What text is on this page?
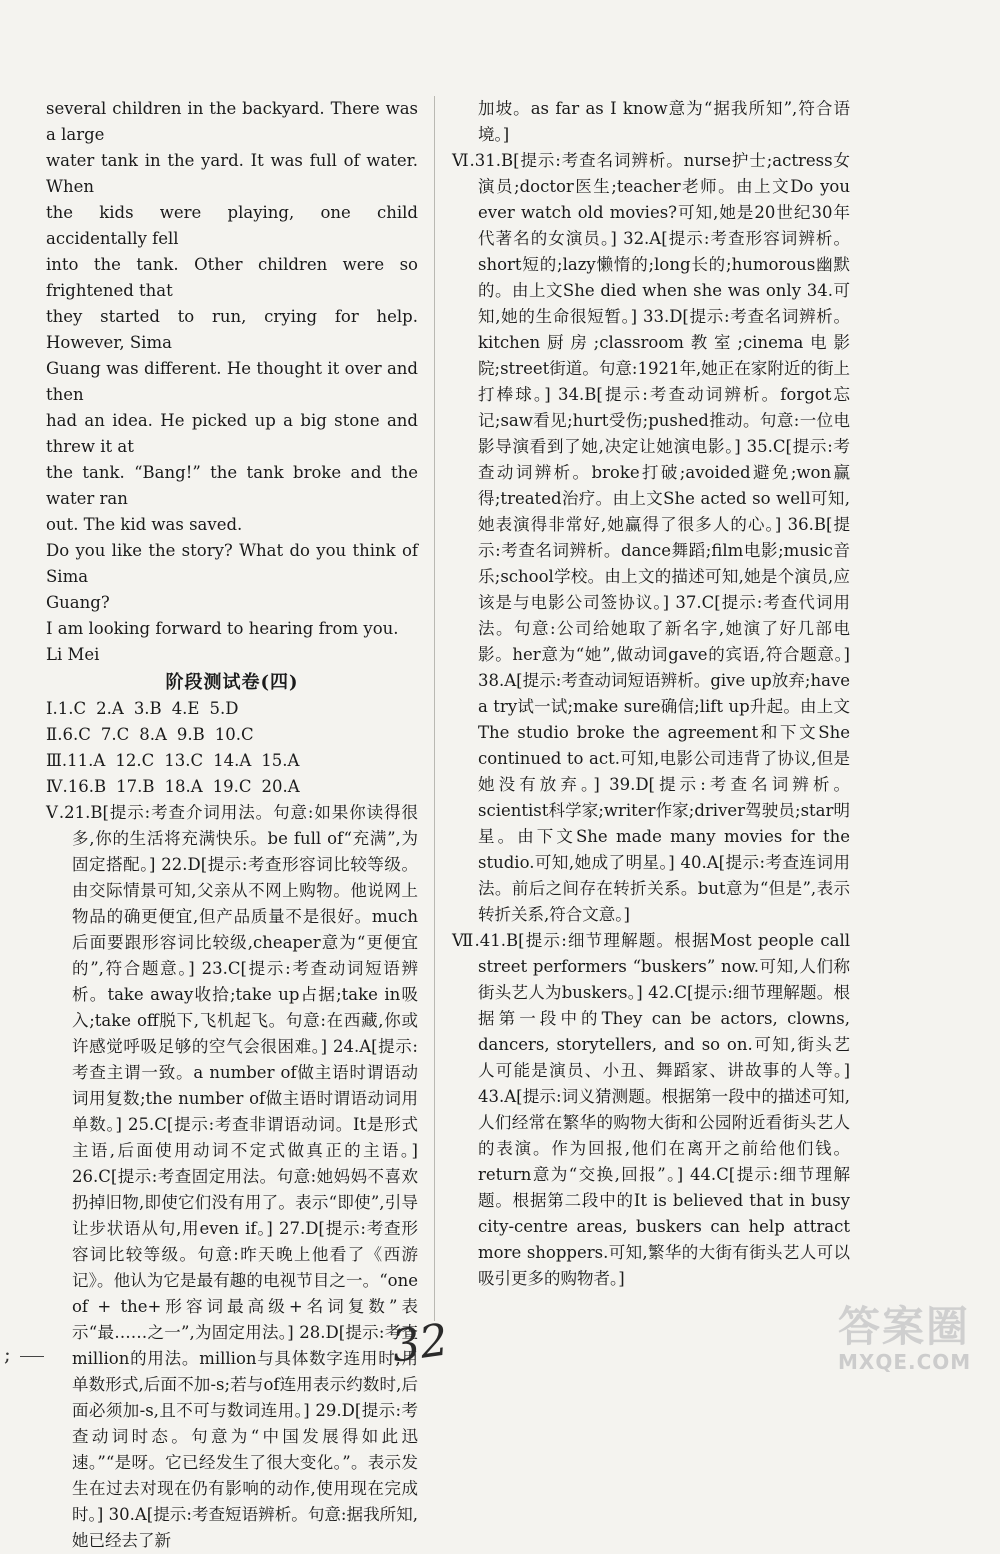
several children in the backyard. There was a large

water tank in the yard. It was full of water. When

the kids were playing, one child accidentally fell

into the tank. Other children were so frightened that

they started to run, crying for help. However, Sima

Guang was different. He thought it over and then

had an idea. He picked up a big stone and threw it at

the tank. “Bang!” the tank broke and the water ran

out. The kid was saved.

Do you like the story? What do you think of Sima

Guang?

I am looking forward to hearing from you.

Li Mei

阶段测试卷(四)

Ⅰ.1.C 2.A 3.B 4.E 5.D

Ⅱ.6.C 7.C 8.A 9.B 10.C

Ⅲ.11.A 12.C 13.C 14.A 15.A

Ⅳ.16.B 17.B 18.A 19.C 20.A

Ⅴ.21.B[提示:考查介词用法。句意:如果你读得很多,你的生活将充满快乐。be full of“充满”,为固定搭配。] 22.D[提示:考查形容词比较等级。由交际情景可知,父亲从不网上购物。他说网上物品的确更便宜,但产品质量不是很好。much后面要跟形容词比较级,cheaper意为“更便宜的”,符合题意。] 23.C[提示:考查动词短语辨析。take away收拾;take up占据;take in吸入;take off脱下,飞机起飞。句意:在西藏,你或许感觉呼吸足够的空气会很困难。] 24.A[提示:考查主谓一致。a number of做主语时谓语动词用复数;the number of做主语时谓语动词用单数。] 25.C[提示:考查非谓语动词。It是形式主语,后面使用动词不定式做真正的主语。] 26.C[提示:考查固定用法。句意:她妈妈不喜欢扔掉旧物,即使它们没有用了。表示“即使”,引导让步状语从句,用even if。] 27.D[提示:考查形容词比较等级。句意:昨天晚上他看了《西游记》。他认为它是最有趣的电视节目之一。“one of + the+形容词最高级+名词复数”表示“最……之一”,为固定用法。] 28.D[提示:考查million的用法。million与具体数字连用时,用单数形式,后面不加-s;若与of连用表示约数时,后面必须加-s,且不可与数词连用。] 29.D[提示:考查动词时态。句意为“中国发展得如此迅速。”“是呀。它已经发生了很大变化。”。表示发生在过去对现在仍有影响的动作,使用现在完成时。] 30.A[提示:考查短语辨析。句意:据我所知,她已经去了新

加坡。as far as I know意为“据我所知”,符合语境。]

Ⅵ.31.B[提示:考查名词辨析。nurse护士;actress女演员;doctor医生;teacher老师。由上文Do you ever watch old movies?可知,她是20世纪30年代著名的女演员。] 32.A[提示:考查形容词辨析。short短的;lazy懒惰的;long长的;humorous幽默的。由上文She died when she was only 34.可知,她的生命很短暂。] 33.D[提示:考查名词辨析。kitchen厨房;classroom教室;cinema电影院;street街道。句意:1921年,她正在家附近的街上打棒球。] 34.B[提示:考查动词辨析。forgot忘记;saw看见;hurt受伤;pushed推动。句意:一位电影导演看到了她,决定让她演电影。] 35.C[提示:考查动词辨析。broke打破;avoided避免;won赢得;treated治疗。由上文She acted so well可知,她表演得非常好,她赢得了很多人的心。] 36.B[提示:考查名词辨析。dance舞蹈;film电影;music音乐;school学校。由上文的描述可知,她是个演员,应该是与电影公司签协议。] 37.C[提示:考查代词用法。句意:公司给她取了新名字,她演了好几部电影。her意为“她”,做动词gave的宾语,符合题意。] 38.A[提示:考查动词短语辨析。give up放弃;have a try试一试;make sure确信;lift up升起。由上文The studio broke the agreement和下文She continued to act.可知,电影公司违背了协议,但是她没有放弃。] 39.D[提示:考查名词辨析。scientist科学家;writer作家;driver驾驶员;star明星。由下文She made many movies for the studio.可知,她成了明星。] 40.A[提示:考查连词用法。前后之间存在转折关系。but意为“但是”,表示转折关系,符合文意。]

Ⅶ.41.B[提示:细节理解题。根据Most people call street performers “buskers” now.可知,人们称街头艺人为buskers。] 42.C[提示:细节理解题。根据第一段中的They can be actors, clowns, dancers, storytellers, and so on.可知,街头艺人可能是演员、小丑、舞蹈家、讲故事的人等。] 43.A[提示:词义猜测题。根据第一段中的描述可知,人们经常在繁华的购物大街和公园附近看街头艺人的表演。作为回报,他们在离开之前给他们钱。return意为“交换,回报”。] 44.C[提示:细节理解题。根据第二段中的It is believed that in busy city-centre areas, buskers can help attract more shoppers.可知,繁华的大街有街头艺人可以吸引更多的购物者。]

;	32	答案圈
MXQE.COM
